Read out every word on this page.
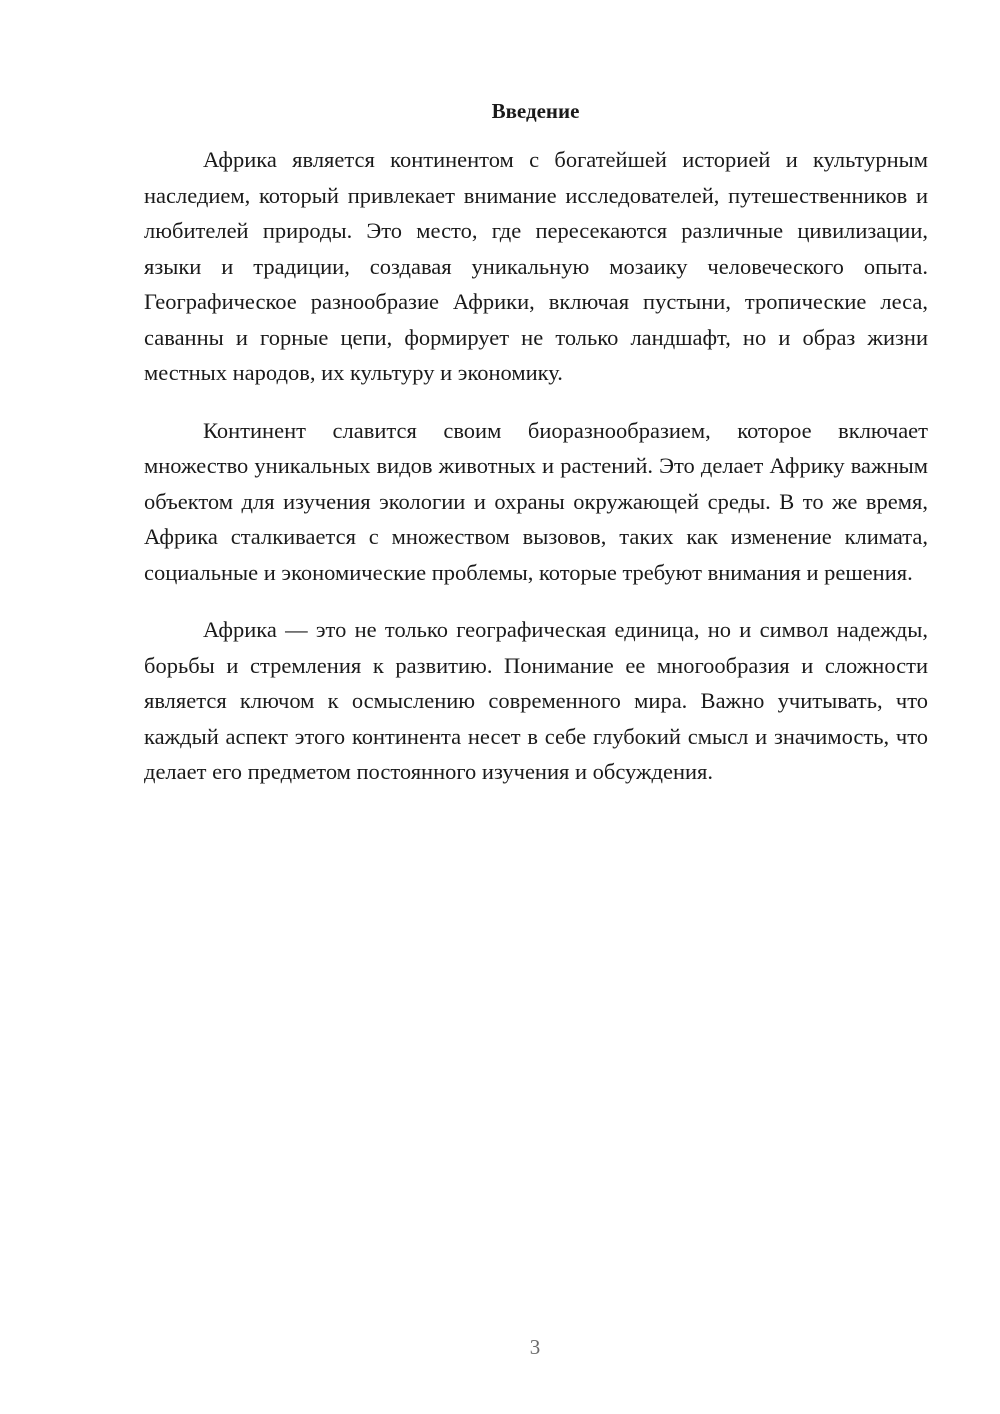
Введение

Африка является континентом с богатейшей историей и культурным наследием, который привлекает внимание исследователей, путешественников и любителей природы. Это место, где пересекаются различные цивилизации, языки и традиции, создавая уникальную мозаику человеческого опыта. Географическое разнообразие Африки, включая пустыни, тропические леса, саванны и горные цепи, формирует не только ландшафт, но и образ жизни местных народов, их культуру и экономику.

Континент славится своим биоразнообразием, которое включает множество уникальных видов животных и растений. Это делает Африку важным объектом для изучения экологии и охраны окружающей среды. В то же время, Африка сталкивается с множеством вызовов, таких как изменение климата, социальные и экономические проблемы, которые требуют внимания и решения.

Африка — это не только географическая единица, но и символ надежды, борьбы и стремления к развитию. Понимание ее многообразия и сложности является ключом к осмыслению современного мира. Важно учитывать, что каждый аспект этого континента несет в себе глубокий смысл и значимость, что делает его предметом постоянного изучения и обсуждения.

3
